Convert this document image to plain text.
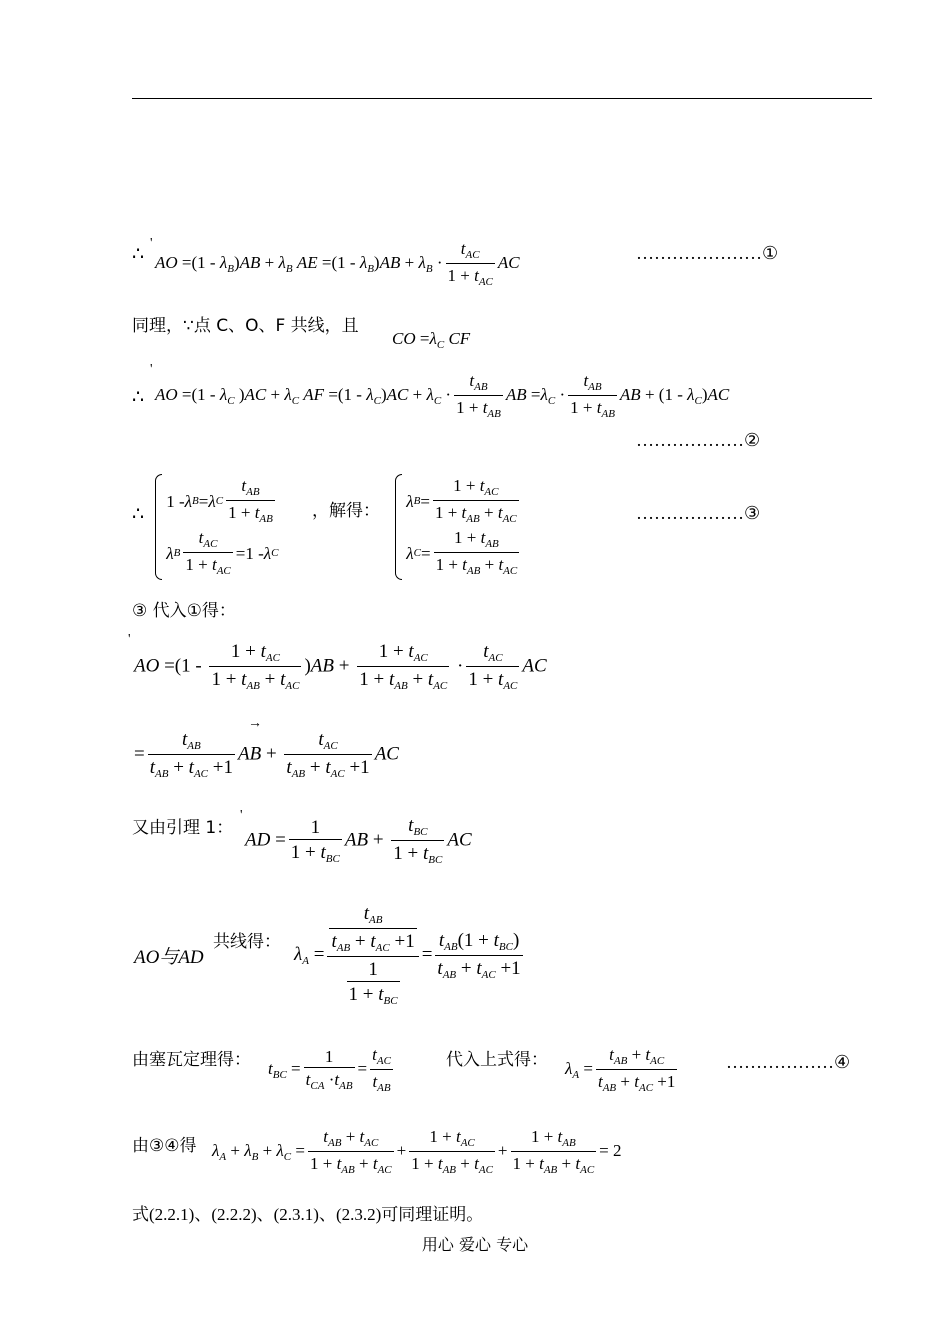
'
∴ AO $=(1 - \lambda_B)AB + \lambda_B$ AE $=(1 - \lambda_B)AB + \lambda_B \cdot \frac{t_{AC}}{1 + t_{AC}}$ AC	…………………①
同理，∵点 C、O、F 共线，且
CO $=\lambda_C$ CF
'
∴ AO $=(1 - \lambda_C$ )$AC + \lambda_C$ AF $=(1 - \lambda_C)AC + \lambda_C \cdot \frac{t_{AB}}{1 + t_{AB}}$ AB $=\lambda_C \cdot \frac{t_{AB}}{1 + t_{AB}}$ AB + $(1 - \lambda_C)AC$
………………②
∴

1 - λ B = λ C $\frac{t_{AB}}{1 + t_{AB}}$
λ B $\frac{t_{AC}}{1 + t_{AC}} =1 - \lambda$ C
，解得：
λ $B = \frac{1 + t_{AC}}{1 + t_{AB} + t_{AC}}$
λ $C = \frac{1 + t_{AB}}{1 + t_{AB} + t_{AC}}$
………………③
③ 代入①得：
'
AO $=(1 - \frac{1 + t_{AC}}{1 + t_{AB} + t_{AC}} )AB + \frac{1 + t_{AC}}{1 + t_{AB} + t_{AC}} \cdot \frac{t_{AC}}{1 + t_{AC}}$ AC
→
= $\frac{t_{AB}}{t_{AB} + t_{AC} +1}$ AB + $\frac{t_{AC}}{t_{AB} + t_{AC} +1}$ AC
又由引理 1：
'
AD = $\frac{1}{1 + t_{BC}}$ AB + $\frac{t_{BC}}{1 + t_{BC}}$ AC
AO与AD
共线得：
$\lambda_A = \frac{\frac{t_{AB}}{t_{AB} + t_{AC} +1}}{\frac{1}{1 + t_{BC}}} = \frac{t_{AB}(1 + t_{BC})}{t_{AB} + t_{AC} +1}$
由塞瓦定理得： $t_{BC} = \frac{1}{t_{CA} \cdot t_{AB}} = \frac{t_{AC}}{t_{AB}}$	代入上式得： $\lambda_A = \frac{t_{AB} + t_{AC}}{t_{AB} + t_{AC} +1}$	………………④
由③④得 $\lambda_A + \lambda_B + \lambda_C = \frac{t_{AB} + t_{AC}}{1 + t_{AB} + t_{AC}} + \frac{1 + t_{AC}}{1 + t_{AB} + t_{AC}} + \frac{1 + t_{AB}}{1 + t_{AB} + t_{AC}} = 2$
式(2.2.1)、(2.2.2)、(2.3.1)、(2.3.2)可同理证明。
用心 爱心 专心
